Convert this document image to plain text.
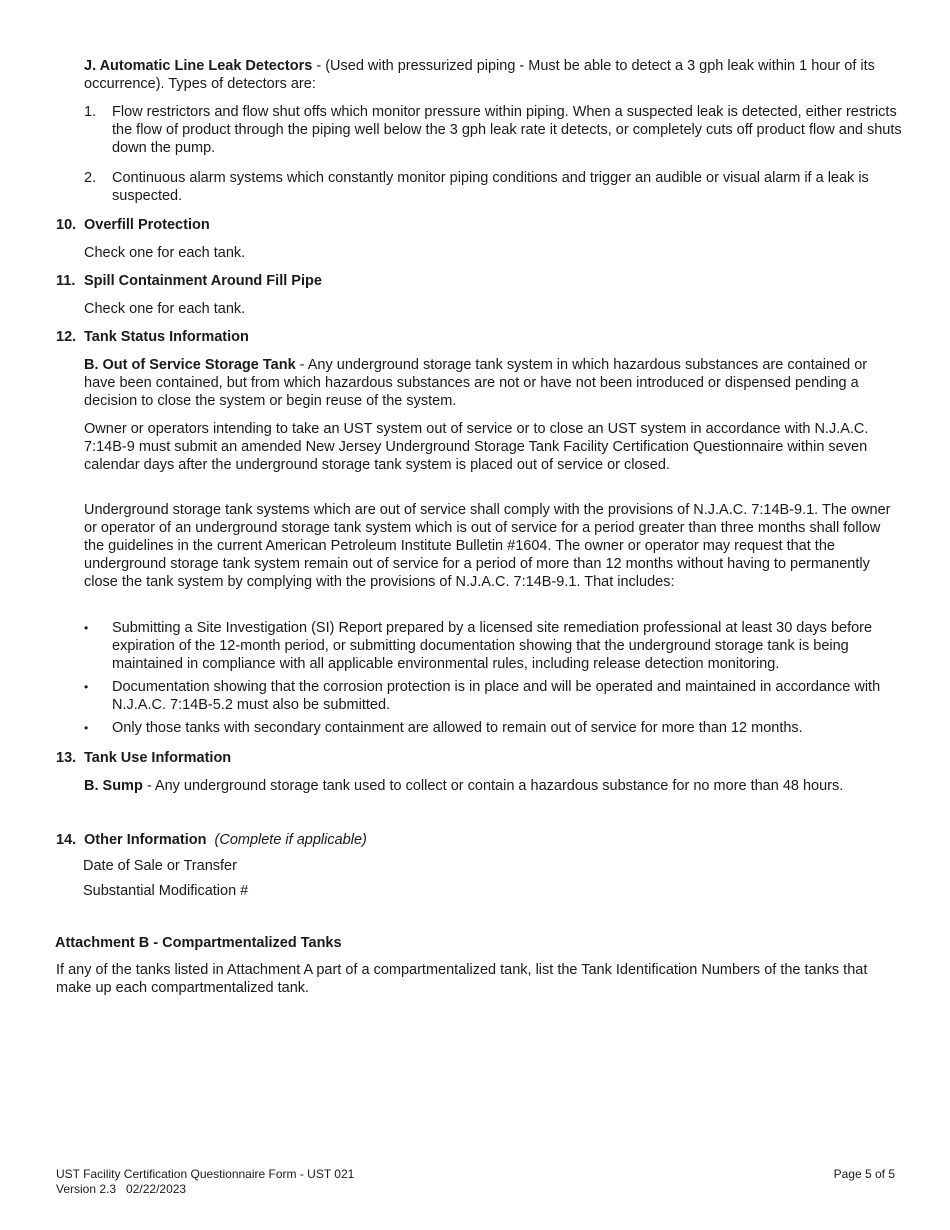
J. Automatic Line Leak Detectors - (Used with pressurized piping - Must be able to detect a 3 gph leak within 1 hour of its occurrence). Types of detectors are:

1. Flow restrictors and flow shut offs which monitor pressure within piping. When a suspected leak is detected, either restricts the flow of product through the piping well below the 3 gph leak rate it detects, or completely cuts off product flow and shuts down the pump.

2. Continuous alarm systems which constantly monitor piping conditions and trigger an audible or visual alarm if a leak is suspected.

10. Overfill Protection

Check one for each tank.

11. Spill Containment Around Fill Pipe

Check one for each tank.

12. Tank Status Information

B. Out of Service Storage Tank - Any underground storage tank system in which hazardous substances are contained or have been contained, but from which hazardous substances are not or have not been introduced or dispensed pending a decision to close the system or begin reuse of the system.

Owner or operators intending to take an UST system out of service or to close an UST system in accordance with N.J.A.C. 7:14B-9 must submit an amended New Jersey Underground Storage Tank Facility Certification Questionnaire within seven calendar days after the underground storage tank system is placed out of service or closed.

Underground storage tank systems which are out of service shall comply with the provisions of N.J.A.C. 7:14B-9.1. The owner or operator of an underground storage tank system which is out of service for a period greater than three months shall follow the guidelines in the current American Petroleum Institute Bulletin #1604. The owner or operator may request that the underground storage tank system remain out of service for a period of more than 12 months without having to permanently close the tank system by complying with the provisions of N.J.A.C. 7:14B-9.1. That includes:

• Submitting a Site Investigation (SI) Report prepared by a licensed site remediation professional at least 30 days before expiration of the 12-month period, or submitting documentation showing that the underground storage tank is being maintained in compliance with all applicable environmental rules, including release detection monitoring.

• Documentation showing that the corrosion protection is in place and will be operated and maintained in accordance with N.J.A.C. 7:14B-5.2 must also be submitted.

• Only those tanks with secondary containment are allowed to remain out of service for more than 12 months.

13. Tank Use Information

B. Sump - Any underground storage tank used to collect or contain a hazardous substance for no more than 48 hours.

14. Other Information (Complete if applicable)

Date of Sale or Transfer

Substantial Modification #

Attachment B - Compartmentalized Tanks

If any of the tanks listed in Attachment A part of a compartmentalized tank, list the Tank Identification Numbers of the tanks that make up each compartmentalized tank.

UST Facility Certification Questionnaire Form - UST 021

Version 2.3   02/22/2023

Page 5 of 5
